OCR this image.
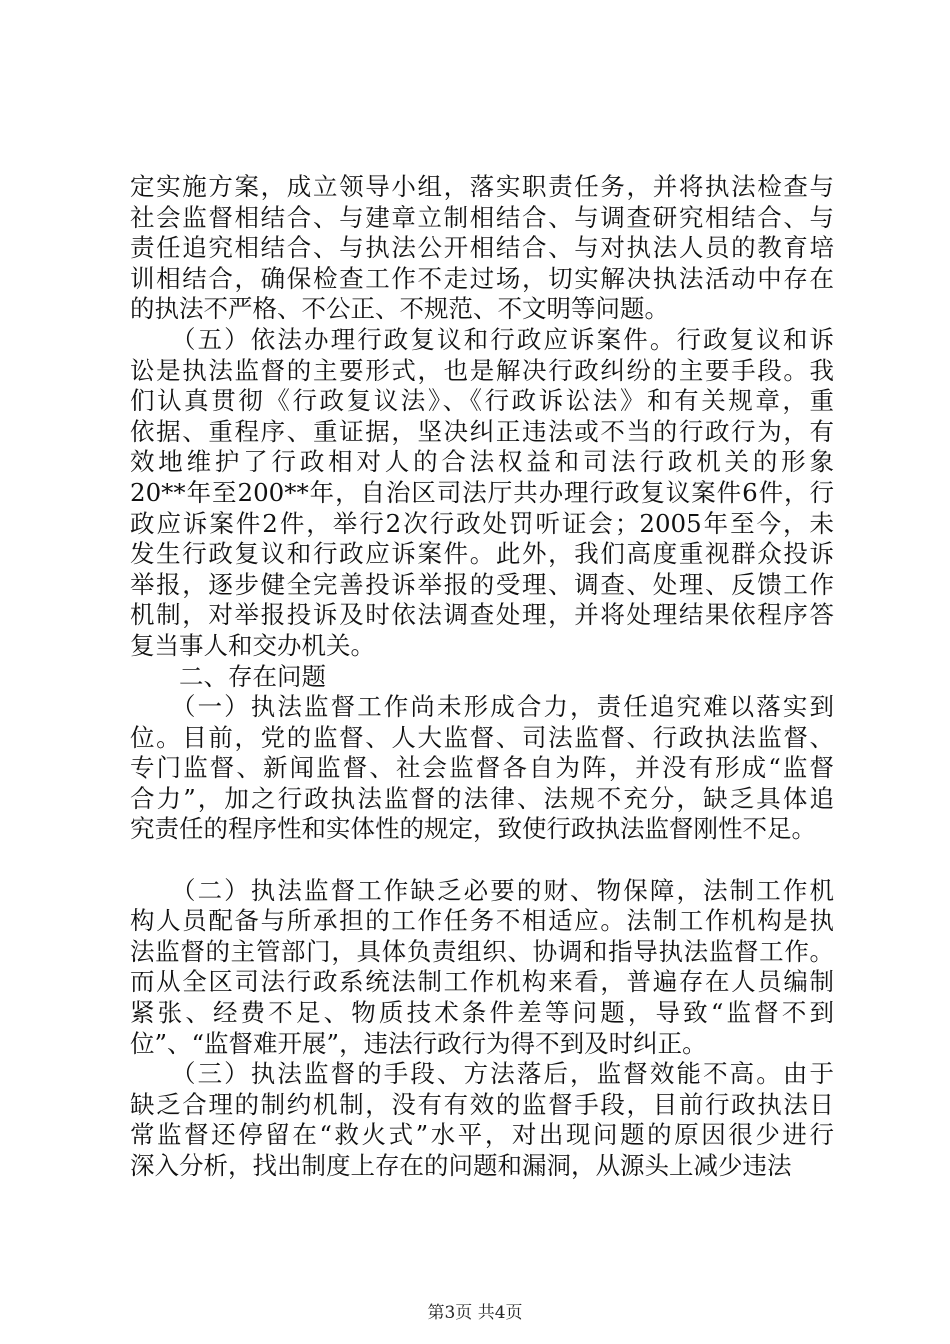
定实施方案，成立领导小组，落实职责任务，并将执法检查与
社会监督相结合、与建章立制相结合、与调查研究相结合、与
责任追究相结合、与执法公开相结合、与对执法人员的教育培
训相结合，确保检查工作不走过场，切实解决执法活动中存在
的执法不严格、不公正、不规范、不文明等问题。
　　（五）依法办理行政复议和行政应诉案件。行政复议和诉
讼是执法监督的主要形式，也是解决行政纠纷的主要手段。我
们认真贯彻《行政复议法》、《行政诉讼法》和有关规章，重
依据、重程序、重证据，坚决纠正违法或不当的行政行为，有
效地维护了行政相对人的合法权益和司法行政机关的形象
20**年至200**年，自治区司法厅共办理行政复议案件6件，行
政应诉案件2件，举行2次行政处罚听证会；2005年至今，未
发生行政复议和行政应诉案件。此外，我们高度重视群众投诉
举报，逐步健全完善投诉举报的受理、调查、处理、反馈工作
机制，对举报投诉及时依法调查处理，并将处理结果依程序答
复当事人和交办机关。
　　二、存在问题
　　（一）执法监督工作尚未形成合力，责任追究难以落实到
位。目前，党的监督、人大监督、司法监督、行政执法监督、
专门监督、新闻监督、社会监督各自为阵，并没有形成“监督
合力”，加之行政执法监督的法律、法规不充分，缺乏具体追
究责任的程序性和实体性的规定，致使行政执法监督刚性不足。
　　（二）执法监督工作缺乏必要的财、物保障，法制工作机
构人员配备与所承担的工作任务不相适应。法制工作机构是执
法监督的主管部门，具体负责组织、协调和指导执法监督工作。
而从全区司法行政系统法制工作机构来看，普遍存在人员编制
紧张、经费不足、物质技术条件差等问题，导致“监督不到
位”、“监督难开展”，违法行政行为得不到及时纠正。
　　（三）执法监督的手段、方法落后，监督效能不高。由于
缺乏合理的制约机制，没有有效的监督手段，目前行政执法日
常监督还停留在“救火式”水平，对出现问题的原因很少进行
深入分析，找出制度上存在的问题和漏洞，从源头上减少违法
第3页 共4页
